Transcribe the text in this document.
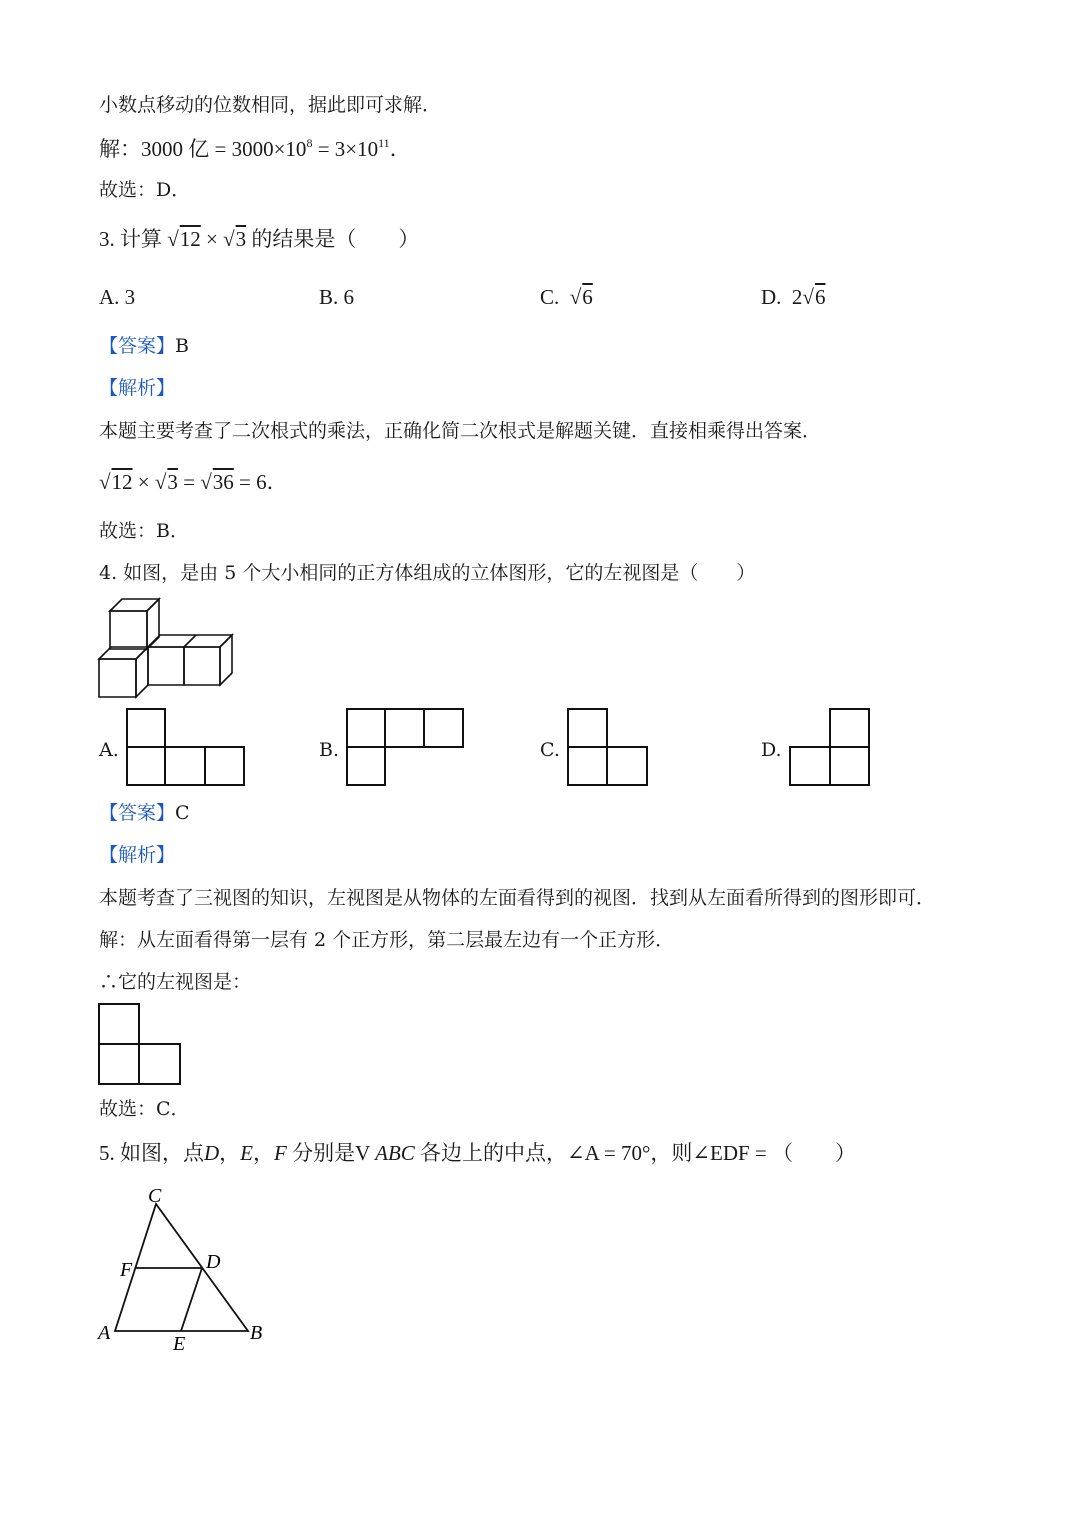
小数点移动的位数相同，据此即可求解．
解：3000 亿 = $3000\times 10^8 = 3\times 10^{11}$．
故选：D．
3. 计算 √12 × √3 的结果是（　　）
A. 3	B. 6	C.  √6	D. 2√6
【答案】B
【解析】
本题主要考查了二次根式的乘法，正确化简二次根式是解题关键．直接相乘得出答案．
√12 × √3 = √36 = 6．
故选：B．
4. 如图，是由 5 个大小相同的正方体组成的立体图形，它的左视图是（　　）
A.	B.	C.	D.
【答案】C
【解析】
本题考查了三视图的知识，左视图是从物体的左面看得到的视图．找到从左面看所得到的图形即可．
解：从左面看得第一层有 2 个正方形，第二层最左边有一个正方形．
∴它的左视图是：
故选：C．
5. 如图，点D，E，F 分别是V ABC 各边上的中点，∠A = 70°，则∠EDF = （　　）
C
D
F
A	B
E
